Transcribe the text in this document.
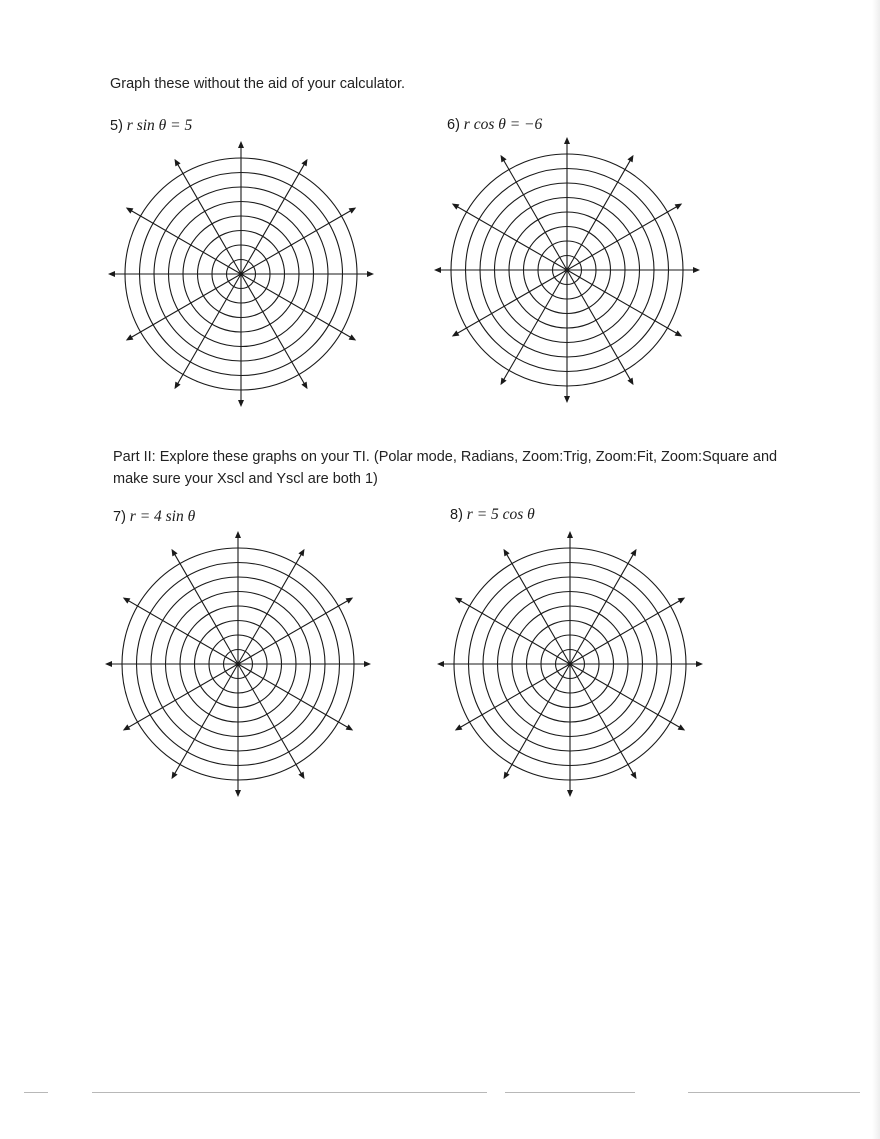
Graph these without the aid of your calculator.
5) r sin θ = 5	6) r cos θ = −6
Part II: Explore these graphs on your TI. (Polar mode, Radians, Zoom:Trig, Zoom:Fit, Zoom:Square and
make sure your Xscl and Yscl are both 1)
7) r = 4 sin θ	8) r = 5 cos θ
